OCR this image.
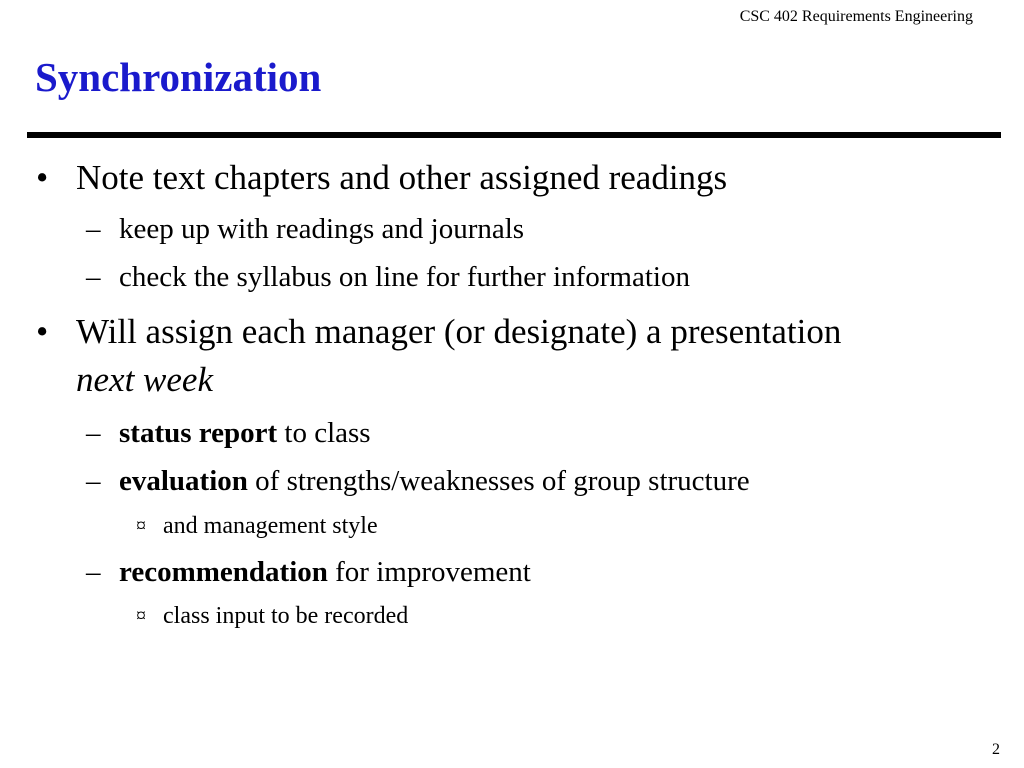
CSC 402 Requirements Engineering
Synchronization
• Note text chapters and other assigned readings
– keep up with readings and journals
– check the syllabus on line for further information
• Will assign each manager (or designate) a presentation
next week
– status report to class
– evaluation of strengths/weaknesses of group structure
¤ and management style
– recommendation for improvement
¤ class input to be recorded
2
